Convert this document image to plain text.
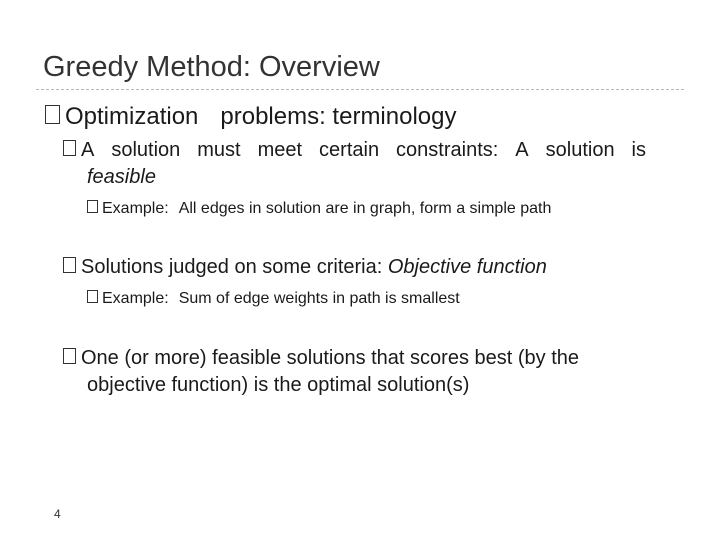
Greedy Method: Overview
Optimization problems: terminology
A solution must meet certain constraints: A solution is
feasible
Example: All edges in solution are in graph, form a simple path
Solutions judged on some criteria: Objective function
Example: Sum of edge weights in path is smallest
One (or more) feasible solutions that scores best (by the
objective function) is the optimal solution(s)
4
